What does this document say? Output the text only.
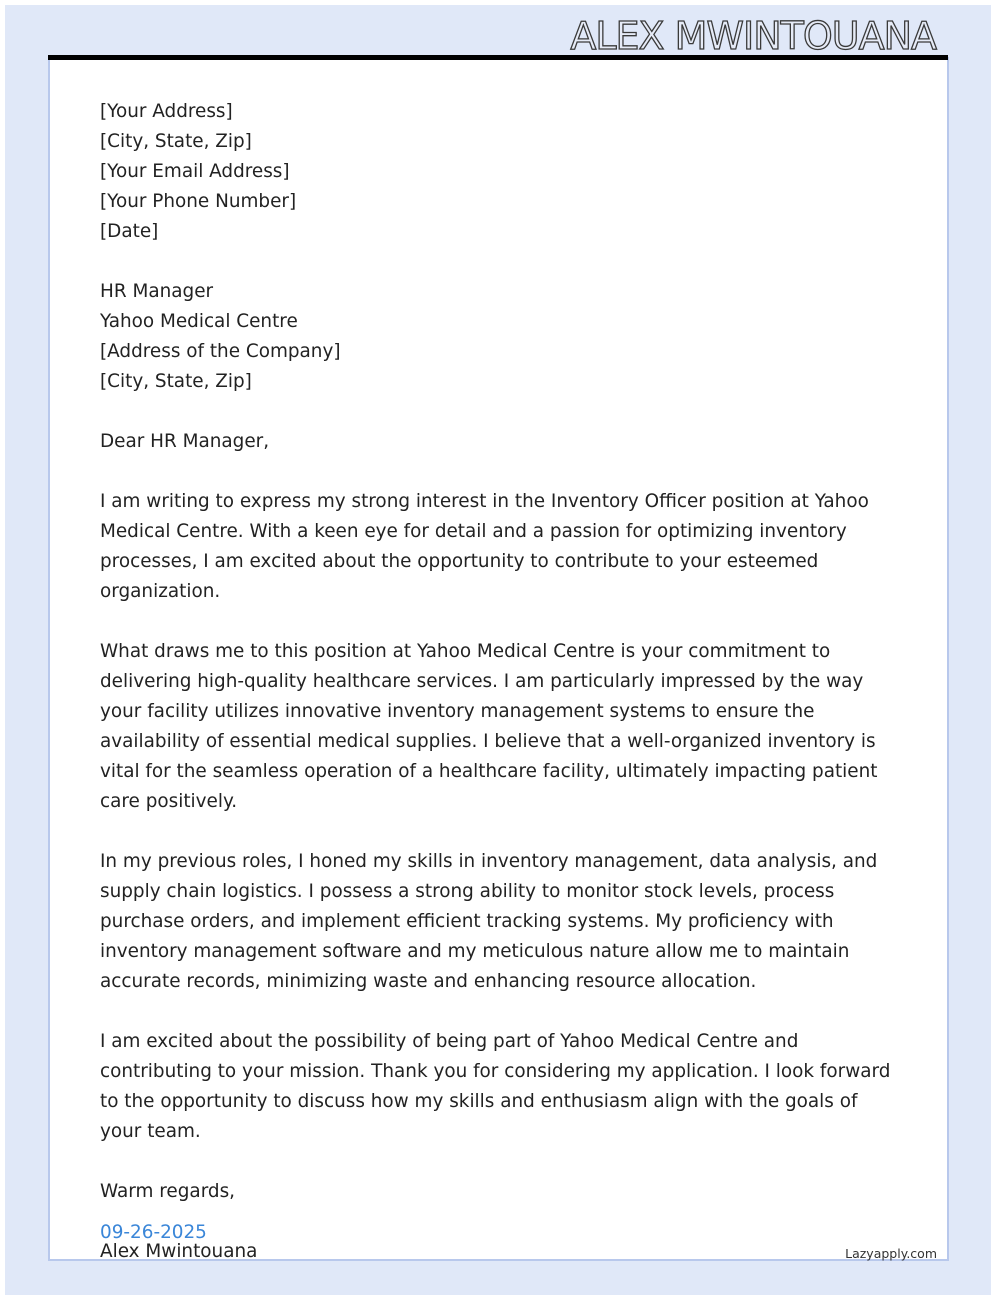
ALEX MWINTOUANA
[Your Address]
[City, State, Zip]
[Your Email Address]
[Your Phone Number]
[Date]
HR Manager
Yahoo Medical Centre
[Address of the Company]
[City, State, Zip]

Dear HR Manager,

I am writing to express my strong interest in the Inventory Officer position at Yahoo Medical Centre. With a keen eye for detail and a passion for optimizing inventory processes, I am excited about the opportunity to contribute to your esteemed organization.

What draws me to this position at Yahoo Medical Centre is your commitment to delivering high-quality healthcare services. I am particularly impressed by the way your facility utilizes innovative inventory management systems to ensure the availability of essential medical supplies. I believe that a well-organized inventory is vital for the seamless operation of a healthcare facility, ultimately impacting patient care positively.

In my previous roles, I honed my skills in inventory management, data analysis, and supply chain logistics. I possess a strong ability to monitor stock levels, process purchase orders, and implement efficient tracking systems. My proficiency with inventory management software and my meticulous nature allow me to maintain accurate records, minimizing waste and enhancing resource allocation.

I am excited about the possibility of being part of Yahoo Medical Centre and contributing to your mission. Thank you for considering my application. I look forward to the opportunity to discuss how my skills and enthusiasm align with the goals of your team.

Warm regards,

Alex Mwintouana

09-26-2025
Lazyapply.com
